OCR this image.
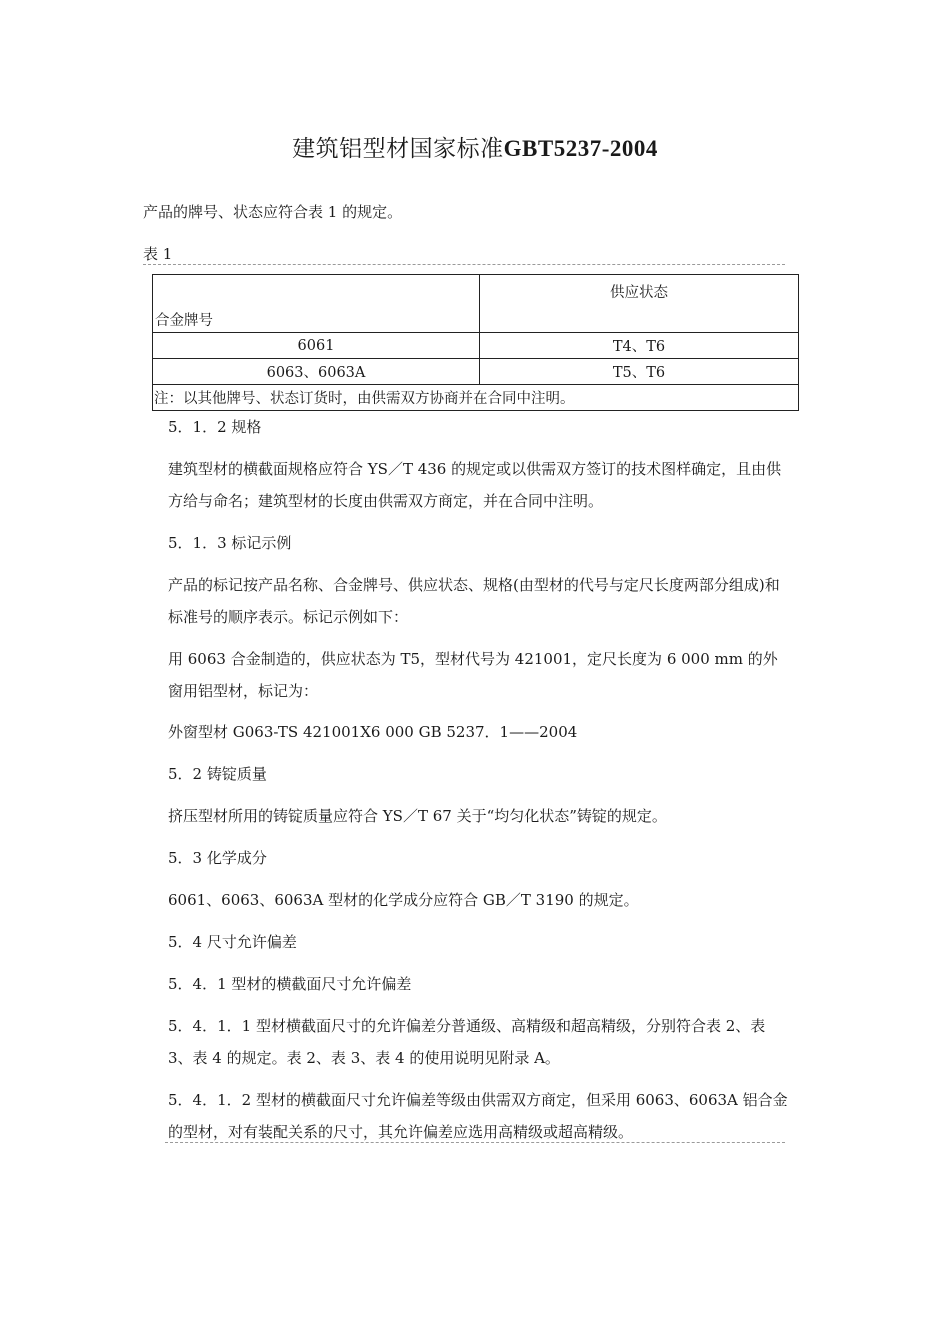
建筑铝型材国家标准GBT5237-2004
产品的牌号、状态应符合表 1 的规定。
表 1
合金牌号	供应状态
6061	T4、T6
6063、6063A	T5、T6
注：以其他牌号、状态订货时，由供需双方协商并在合同中注明。	

5．1．2 规格

建筑型材的横截面规格应符合 YS／T 436 的规定或以供需双方签订的技术图样确定，且由供方给与命名；建筑型材的长度由供需双方商定，并在合同中注明。

5．1．3 标记示例

产品的标记按产品名称、合金牌号、供应状态、规格(由型材的代号与定尺长度两部分组成)和标准号的顺序表示。标记示例如下：

用 6063 合金制造的，供应状态为 T5，型材代号为 421001，定尺长度为 6 000 mm 的外窗用铝型材，标记为：

外窗型材 G063-TS 421001X6 000 GB 5237．1——2004

5．2 铸锭质量

挤压型材所用的铸锭质量应符合 YS／T 67 关于“均匀化状态”铸锭的规定。

5．3 化学成分

6061、6063、6063A 型材的化学成分应符合 GB／T 3190 的规定。

5．4 尺寸允许偏差

5．4．1 型材的横截面尺寸允许偏差

5．4．1．1 型材横截面尺寸的允许偏差分普通级、高精级和超高精级，分别符合表 2、表 3、表 4 的规定。表 2、表 3、表 4 的使用说明见附录 A。

5．4．1．2 型材的横截面尺寸允许偏差等级由供需双方商定，但采用 6063、6063A 铝合金的型材，对有装配关系的尺寸，其允许偏差应选用高精级或超高精级。
